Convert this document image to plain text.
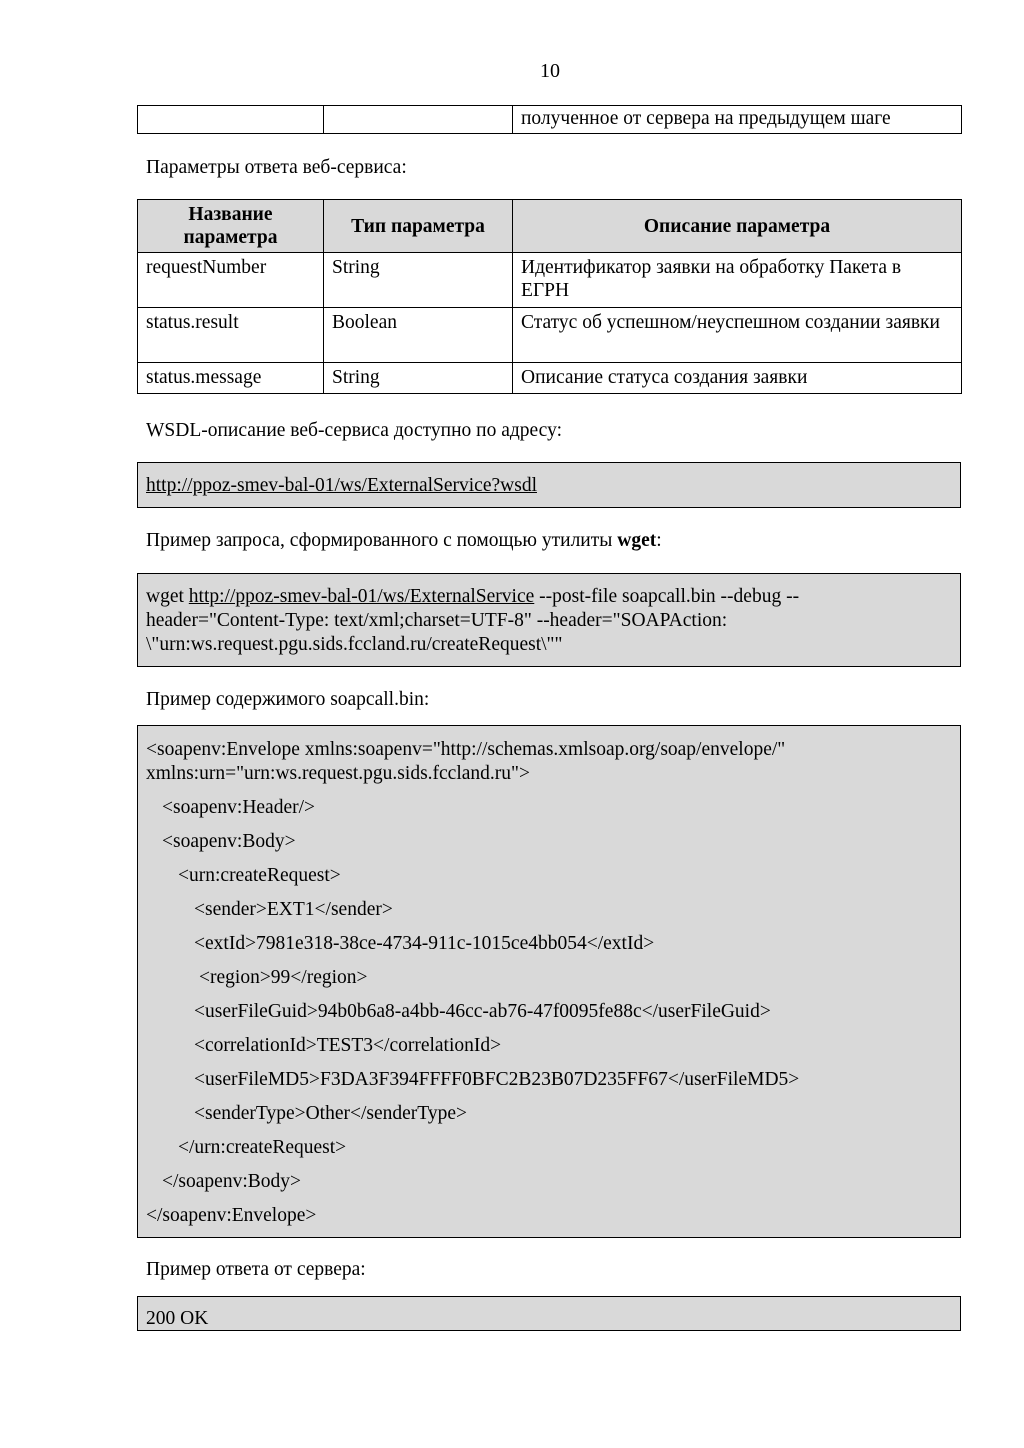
10
		полученное от сервера на предыдущем шаге
Параметры ответа веб-сервиса:
Название параметра	Тип параметра	Описание параметра
requestNumber	String	Идентификатор заявки на обработку Пакета в ЕГРН
status.result	Boolean	Статус об успешном/неуспешном создании заявки
status.message	String	Описание статуса создания заявки
WSDL-описание веб-сервиса доступно по адресу:
http://ppoz-smev-bal-01/ws/ExternalService?wsdl
Пример запроса, сформированного с помощью утилиты wget:
wget http://ppoz-smev-bal-01/ws/ExternalService --post-file soapcall.bin --debug --
header="Content-Type: text/xml;charset=UTF-8" --header="SOAPAction:
\"urn:ws.request.pgu.sids.fccland.ru/createRequest\""
Пример содержимого soapcall.bin:
<soapenv:Envelope xmlns:soapenv="http://schemas.xmlsoap.org/soap/envelope/"
xmlns:urn="urn:ws.request.pgu.sids.fccland.ru">
<soapenv:Header/>
<soapenv:Body>
<urn:createRequest>
<sender>EXT1</sender>
<extId>7981e318-38ce-4734-911c-1015ce4bb054</extId>
<region>99</region>
<userFileGuid>94b0b6a8-a4bb-46cc-ab76-47f0095fe88c</userFileGuid>
<correlationId>TEST3</correlationId>
<userFileMD5>F3DA3F394FFFF0BFC2B23B07D235FF67</userFileMD5>
<senderType>Other</senderType>
</urn:createRequest>
</soapenv:Body>
</soapenv:Envelope>
Пример ответа от сервера:
200 OK
